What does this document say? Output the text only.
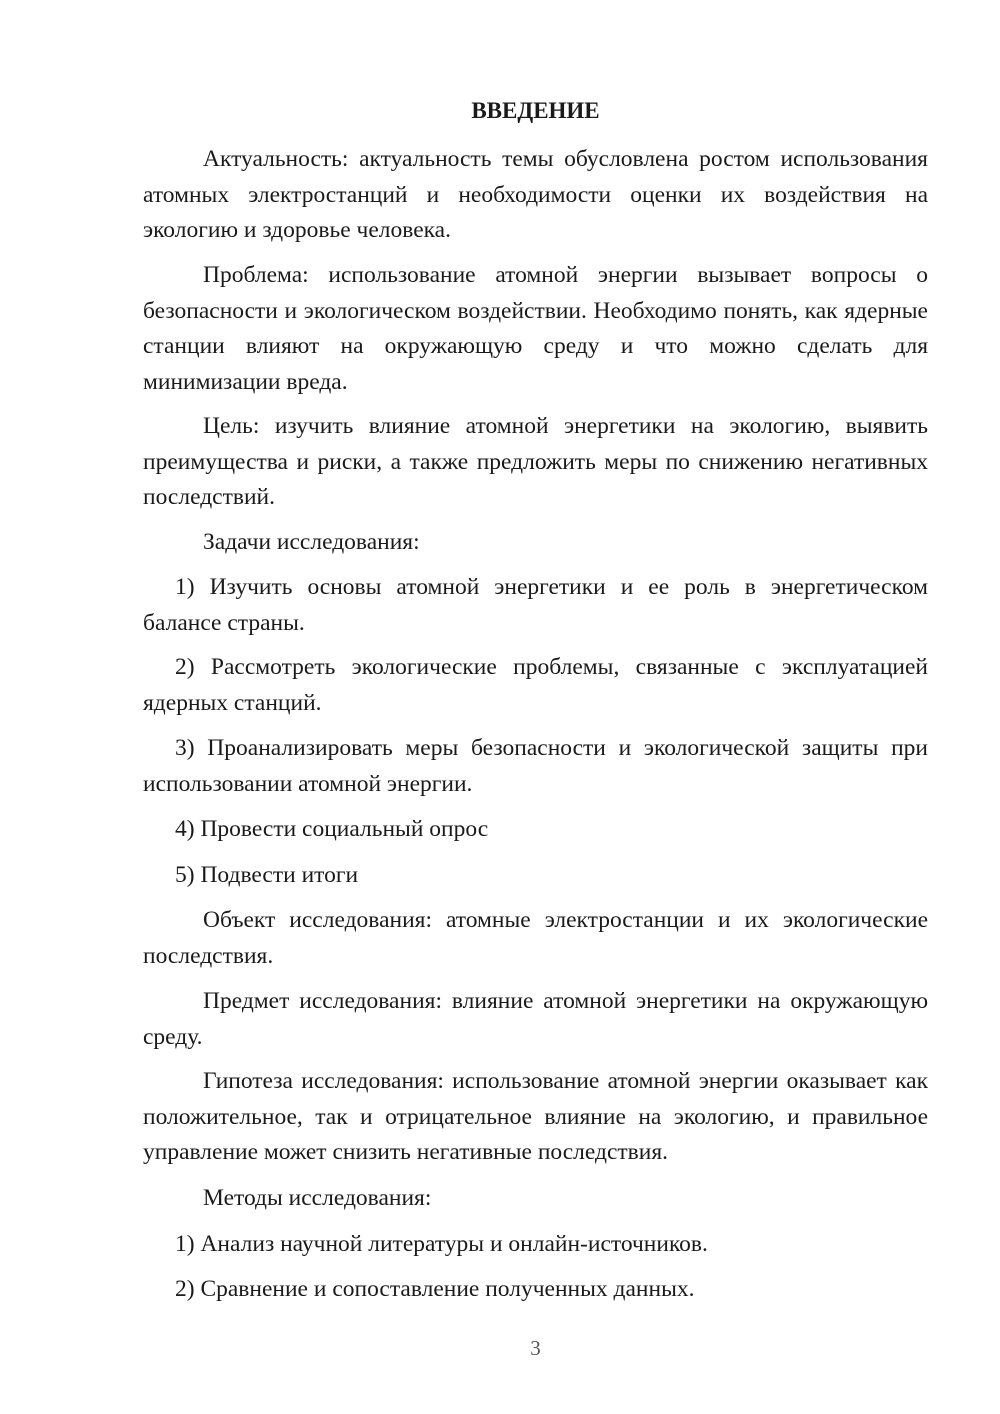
ВВЕДЕНИЕ

Актуальность: актуальность темы обусловлена ростом использования атомных электростанций и необходимости оценки их воздействия на экологию и здоровье человека.

Проблема: использование атомной энергии вызывает вопросы о безопасности и экологическом воздействии. Необходимо понять, как ядерные станции влияют на окружающую среду и что можно сделать для минимизации вреда.

Цель: изучить влияние атомной энергетики на экологию, выявить преимущества и риски, а также предложить меры по снижению негативных последствий.

Задачи исследования:

1) Изучить основы атомной энергетики и ее роль в энергетическом балансе страны.

2) Рассмотреть экологические проблемы, связанные с эксплуатацией ядерных станций.

3) Проанализировать меры безопасности и экологической защиты при использовании атомной энергии.

4) Провести социальный опрос

5) Подвести итоги

Объект исследования: атомные электростанции и их экологические последствия.

Предмет исследования: влияние атомной энергетики на окружающую среду.

Гипотеза исследования: использование атомной энергии оказывает как положительное, так и отрицательное влияние на экологию, и правильное управление может снизить негативные последствия.

Методы исследования:

1) Анализ научной литературы и онлайн-источников.

2) Сравнение и сопоставление полученных данных.

3
